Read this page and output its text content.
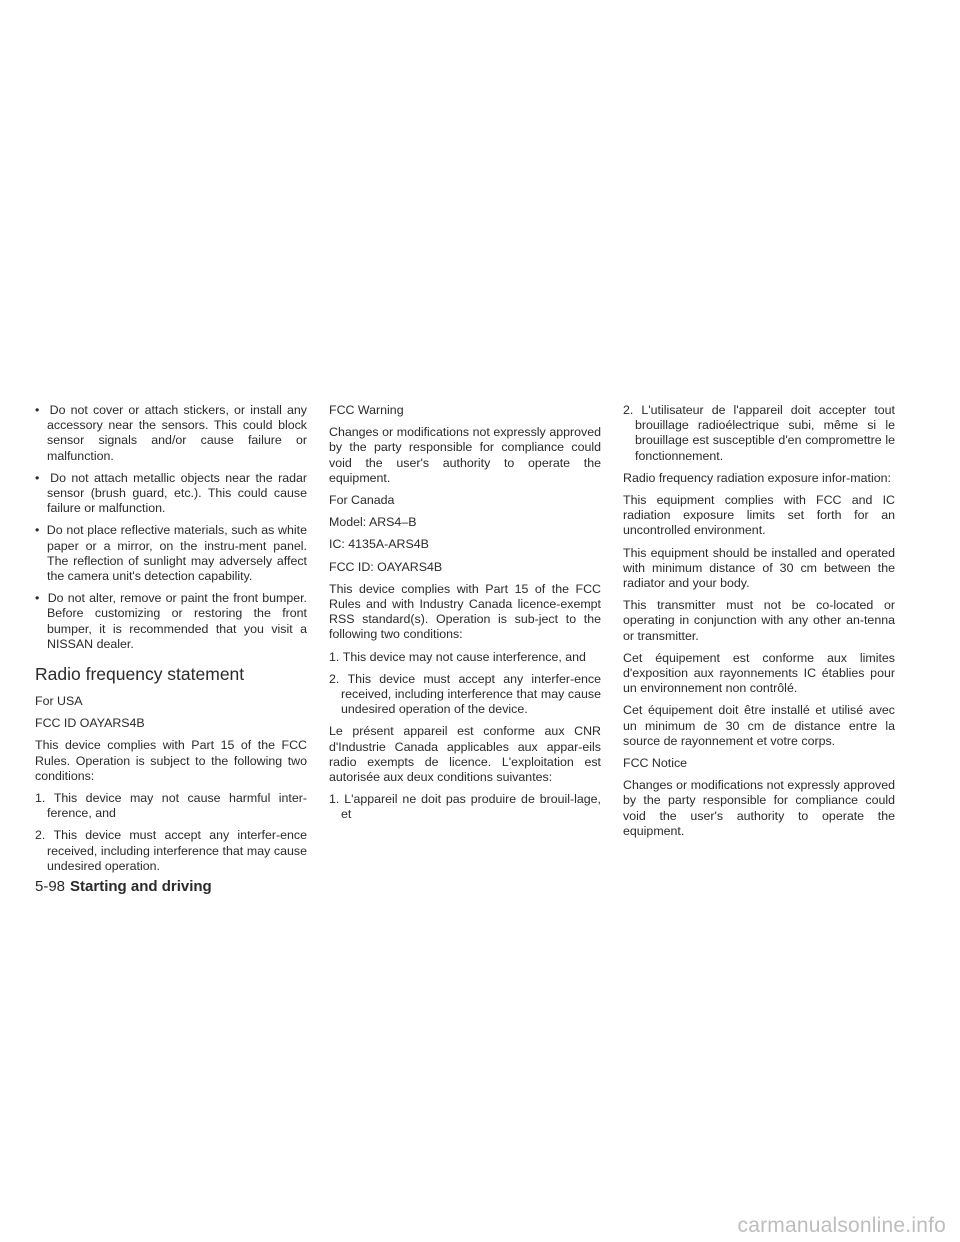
•  Do not cover or attach stickers, or install any accessory near the sensors. This could block sensor signals and/or cause failure or malfunction.
•  Do not attach metallic objects near the radar sensor (brush guard, etc.). This could cause failure or malfunction.
•  Do not place reflective materials, such as white paper or a mirror, on the instru-ment panel. The reflection of sunlight may adversely affect the camera unit's detection capability.
•  Do not alter, remove or paint the front bumper. Before customizing or restoring the front bumper, it is recommended that you visit a NISSAN dealer.
Radio frequency statement
For USA
FCC ID OAYARS4B
This device complies with Part 15 of the FCC Rules. Operation is subject to the following two conditions:
1. This device may not cause harmful inter-ference, and
2. This device must accept any interfer-ence received, including interference that may cause undesired operation.
FCC Warning
Changes or modifications not expressly approved by the party responsible for compliance could void the user's authority to operate the equipment.
For Canada
Model: ARS4–B
IC: 4135A-ARS4B
FCC ID: OAYARS4B
This device complies with Part 15 of the FCC Rules and with Industry Canada licence-exempt RSS standard(s). Operation is sub-ject to the following two conditions:
1. This device may not cause interference, and
2. This device must accept any interfer-ence received, including interference that may cause undesired operation of the device.
Le présent appareil est conforme aux CNR d'Industrie Canada applicables aux appar-eils radio exempts de licence. L'exploitation est autorisée aux deux conditions suivantes:
1. L'appareil ne doit pas produire de brouil-lage, et
2. L'utilisateur de l'appareil doit accepter tout brouillage radioélectrique subi, même si le brouillage est susceptible d'en compromettre le fonctionnement.
Radio frequency radiation exposure infor-mation:
This equipment complies with FCC and IC radiation exposure limits set forth for an uncontrolled environment.
This equipment should be installed and operated with minimum distance of 30 cm between the radiator and your body.
This transmitter must not be co-located or operating in conjunction with any other an-tenna or transmitter.
Cet équipement est conforme aux limites d'exposition aux rayonnements IC établies pour un environnement non contrôlé.
Cet équipement doit être installé et utilisé avec un minimum de 30 cm de distance entre la source de rayonnement et votre corps.
FCC Notice
Changes or modifications not expressly approved by the party responsible for compliance could void the user's authority to operate the equipment.
5-98 Starting and driving
carmanualsonline.info
